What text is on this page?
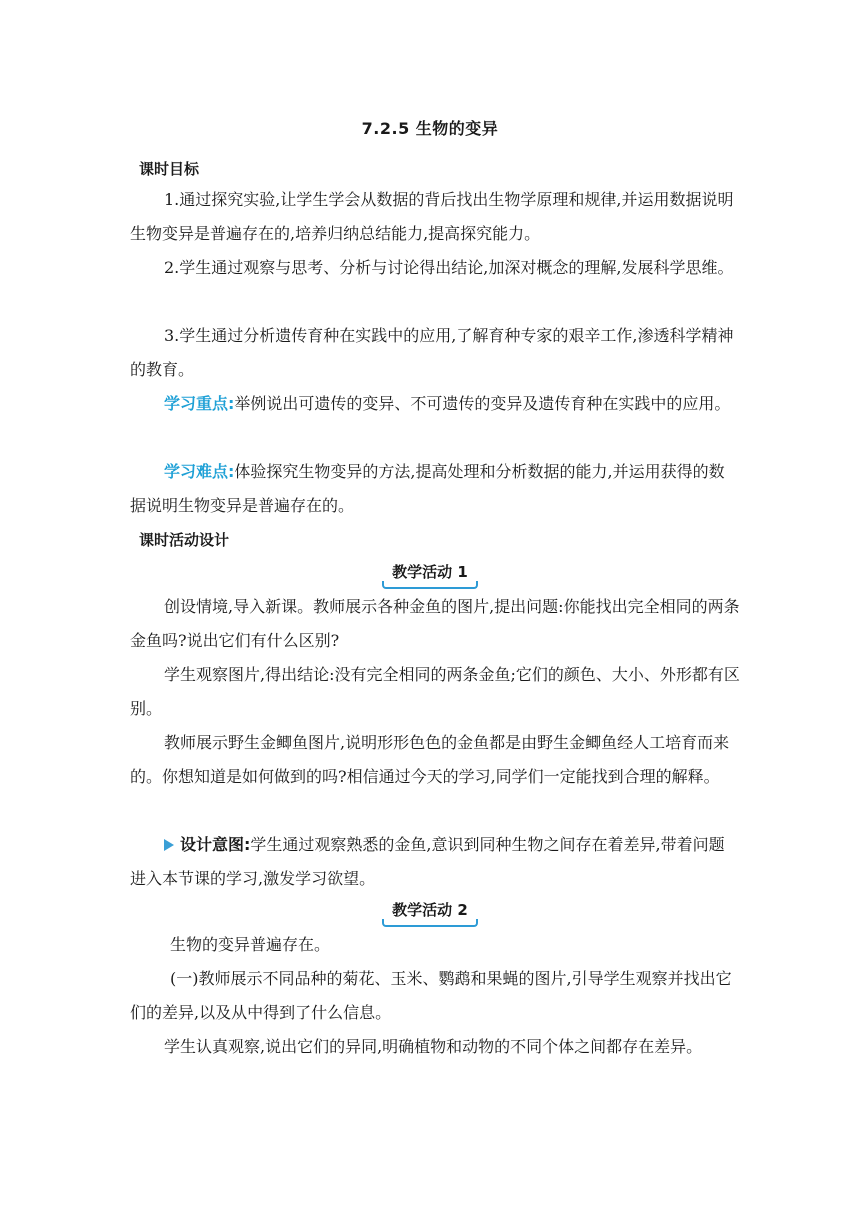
7.2.5 生物的变异
课时目标

1.通过探究实验,让学生学会从数据的背后找出生物学原理和规律,并运用数据说明生物变异是普遍存在的,培养归纳总结能力,提高探究能力。

2.学生通过观察与思考、分析与讨论得出结论,加深对概念的理解,发展科学思维。

3.学生通过分析遗传育种在实践中的应用,了解育种专家的艰辛工作,渗透科学精神的教育。

学习重点:举例说出可遗传的变异、不可遗传的变异及遗传育种在实践中的应用。

学习难点:体验探究生物变异的方法,提高处理和分析数据的能力,并运用获得的数据说明生物变异是普遍存在的。

课时活动设计
教学活动 1

创设情境,导入新课。教师展示各种金鱼的图片,提出问题:你能找出完全相同的两条金鱼吗?说出它们有什么区别?

学生观察图片,得出结论:没有完全相同的两条金鱼;它们的颜色、大小、外形都有区别。

教师展示野生金鲫鱼图片,说明形形色色的金鱼都是由野生金鲫鱼经人工培育而来的。你想知道是如何做到的吗?相信通过今天的学习,同学们一定能找到合理的解释。

设计意图:学生通过观察熟悉的金鱼,意识到同种生物之间存在着差异,带着问题进入本节课的学习,激发学习欲望。

教学活动 2

生物的变异普遍存在。

(一)教师展示不同品种的菊花、玉米、鹦鹉和果蝇的图片,引导学生观察并找出它们的差异,以及从中得到了什么信息。

学生认真观察,说出它们的异同,明确植物和动物的不同个体之间都存在差异。
